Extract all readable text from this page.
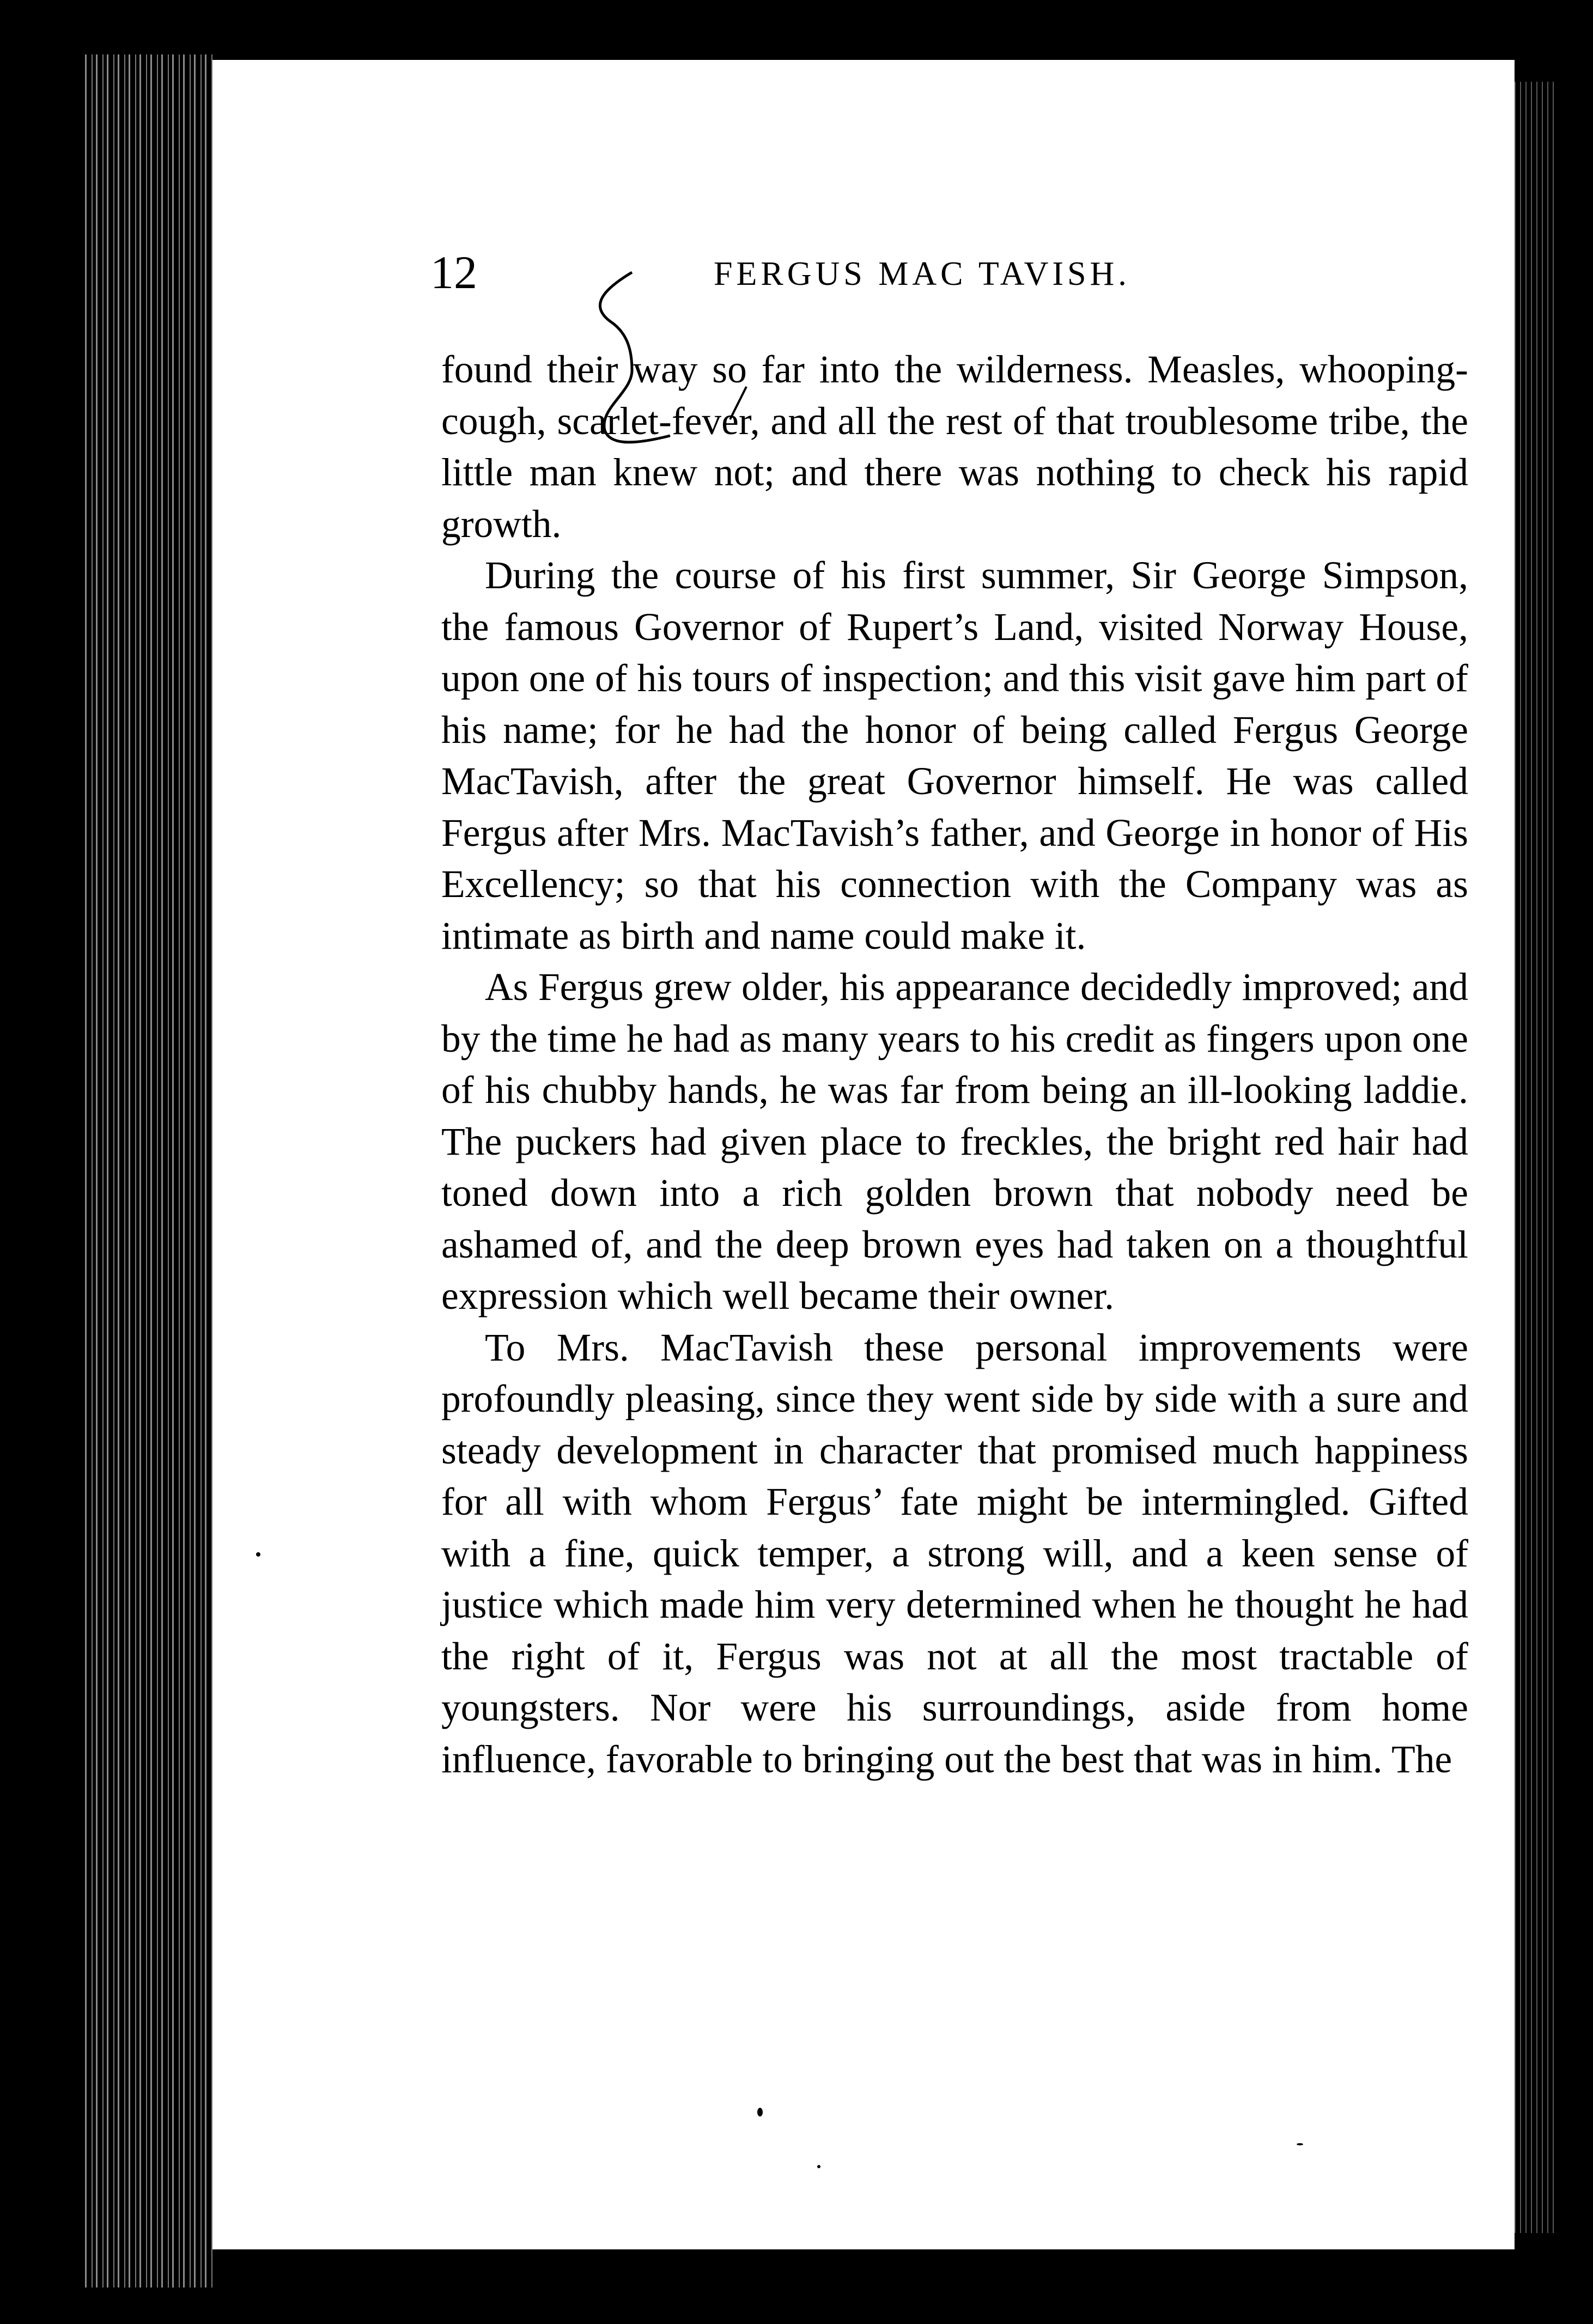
12	FERGUS MAC TAVISH.

found their way so far into the wilderness. Measles, whooping-cough, scarlet-fever, and all the rest of that troublesome tribe, the little man knew not; and there was nothing to check his rapid growth.

During the course of his first summer, Sir George Simpson, the famous Governor of Rupert’s Land, visited Norway House, upon one of his tours of inspection; and this visit gave him part of his name; for he had the honor of being called Fergus George MacTavish, after the great Governor himself. He was called Fergus after Mrs. MacTavish’s father, and George in honor of His Excellency; so that his connection with the Company was as intimate as birth and name could make it.

As Fergus grew older, his appearance decidedly improved; and by the time he had as many years to his credit as fingers upon one of his chubby hands, he was far from being an ill-looking laddie. The puckers had given place to freckles, the bright red hair had toned down into a rich golden brown that nobody need be ashamed of, and the deep brown eyes had taken on a thoughtful expression which well became their owner.

To Mrs. MacTavish these personal improvements were profoundly pleasing, since they went side by side with a sure and steady development in character that promised much happiness for all with whom Fergus’ fate might be intermingled. Gifted with a fine, quick temper, a strong will, and a keen sense of justice which made him very determined when he thought he had the right of it, Fergus was not at all the most tractable of youngsters. Nor were his surroundings, aside from home influence, favorable to bringing out the best that was in him. The
